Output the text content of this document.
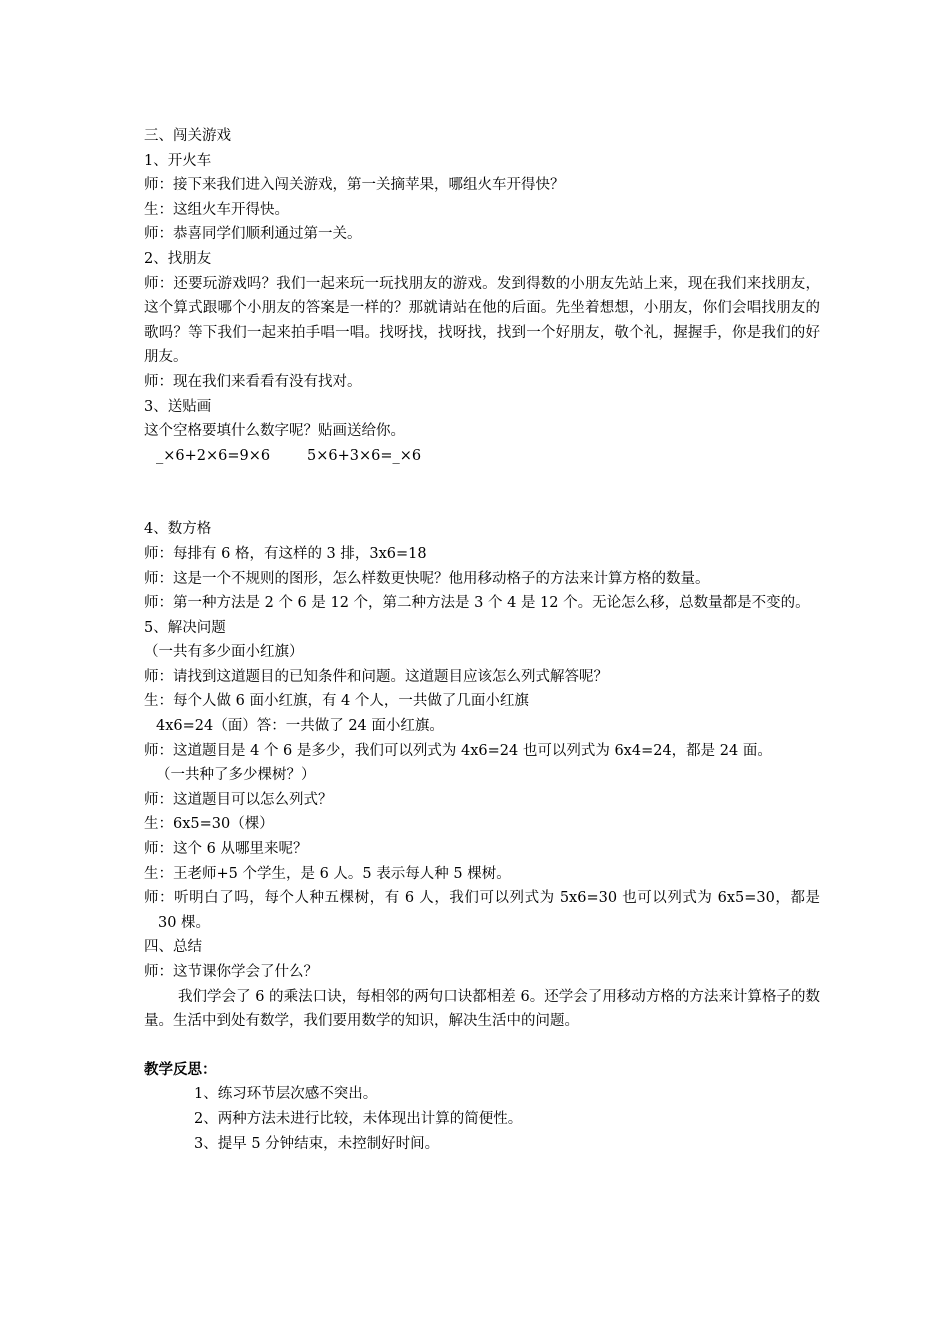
三、闯关游戏
1、开火车
师：接下来我们进入闯关游戏，第一关摘苹果，哪组火车开得快？
生：这组火车开得快。
师：恭喜同学们顺利通过第一关。
2、找朋友
师：还要玩游戏吗？我们一起来玩一玩找朋友的游戏。发到得数的小朋友先站上来，现在我们来找朋友，这个算式跟哪个小朋友的答案是一样的？那就请站在他的后面。先坐着想想，小朋友，你们会唱找朋友的歌吗？等下我们一起来拍手唱一唱。找呀找，找呀找，找到一个好朋友，敬个礼，握握手，你是我们的好朋友。
师：现在我们来看看有没有找对。
3、送贴画
这个空格要填什么数字呢？贴画送给你。
_×6+2×6=9×6        5×6+3×6=_×6
4、数方格
师：每排有 6 格，有这样的 3 排，3x6=18
师：这是一个不规则的图形，怎么样数更快呢？他用移动格子的方法来计算方格的数量。
师：第一种方法是 2 个 6 是 12 个，第二种方法是 3 个 4 是 12 个。无论怎么移，总数量都是不变的。
5、解决问题
（一共有多少面小红旗）
师：请找到这道题目的已知条件和问题。这道题目应该怎么列式解答呢？
生：每个人做 6 面小红旗，有 4 个人，一共做了几面小红旗
4x6=24（面）答：一共做了 24 面小红旗。
师：这道题目是 4 个 6 是多少，我们可以列式为 4x6=24 也可以列式为 6x4=24，都是 24 面。
（一共种了多少棵树？）
师：这道题目可以怎么列式？
生：6x5=30（棵）
师：这个 6 从哪里来呢？
生：王老师+5 个学生，是 6 人。5 表示每人种 5 棵树。
师：听明白了吗，每个人种五棵树，有 6 人，我们可以列式为 5x6=30 也可以列式为 6x5=30，都是 30 棵。
四、总结
师：这节课你学会了什么？
我们学会了 6 的乘法口诀，每相邻的两句口诀都相差 6。还学会了用移动方格的方法来计算格子的数量。生活中到处有数学，我们要用数学的知识，解决生活中的问题。
教学反思：
1、练习环节层次感不突出。
2、两种方法未进行比较，未体现出计算的简便性。
3、提早 5 分钟结束，未控制好时间。
